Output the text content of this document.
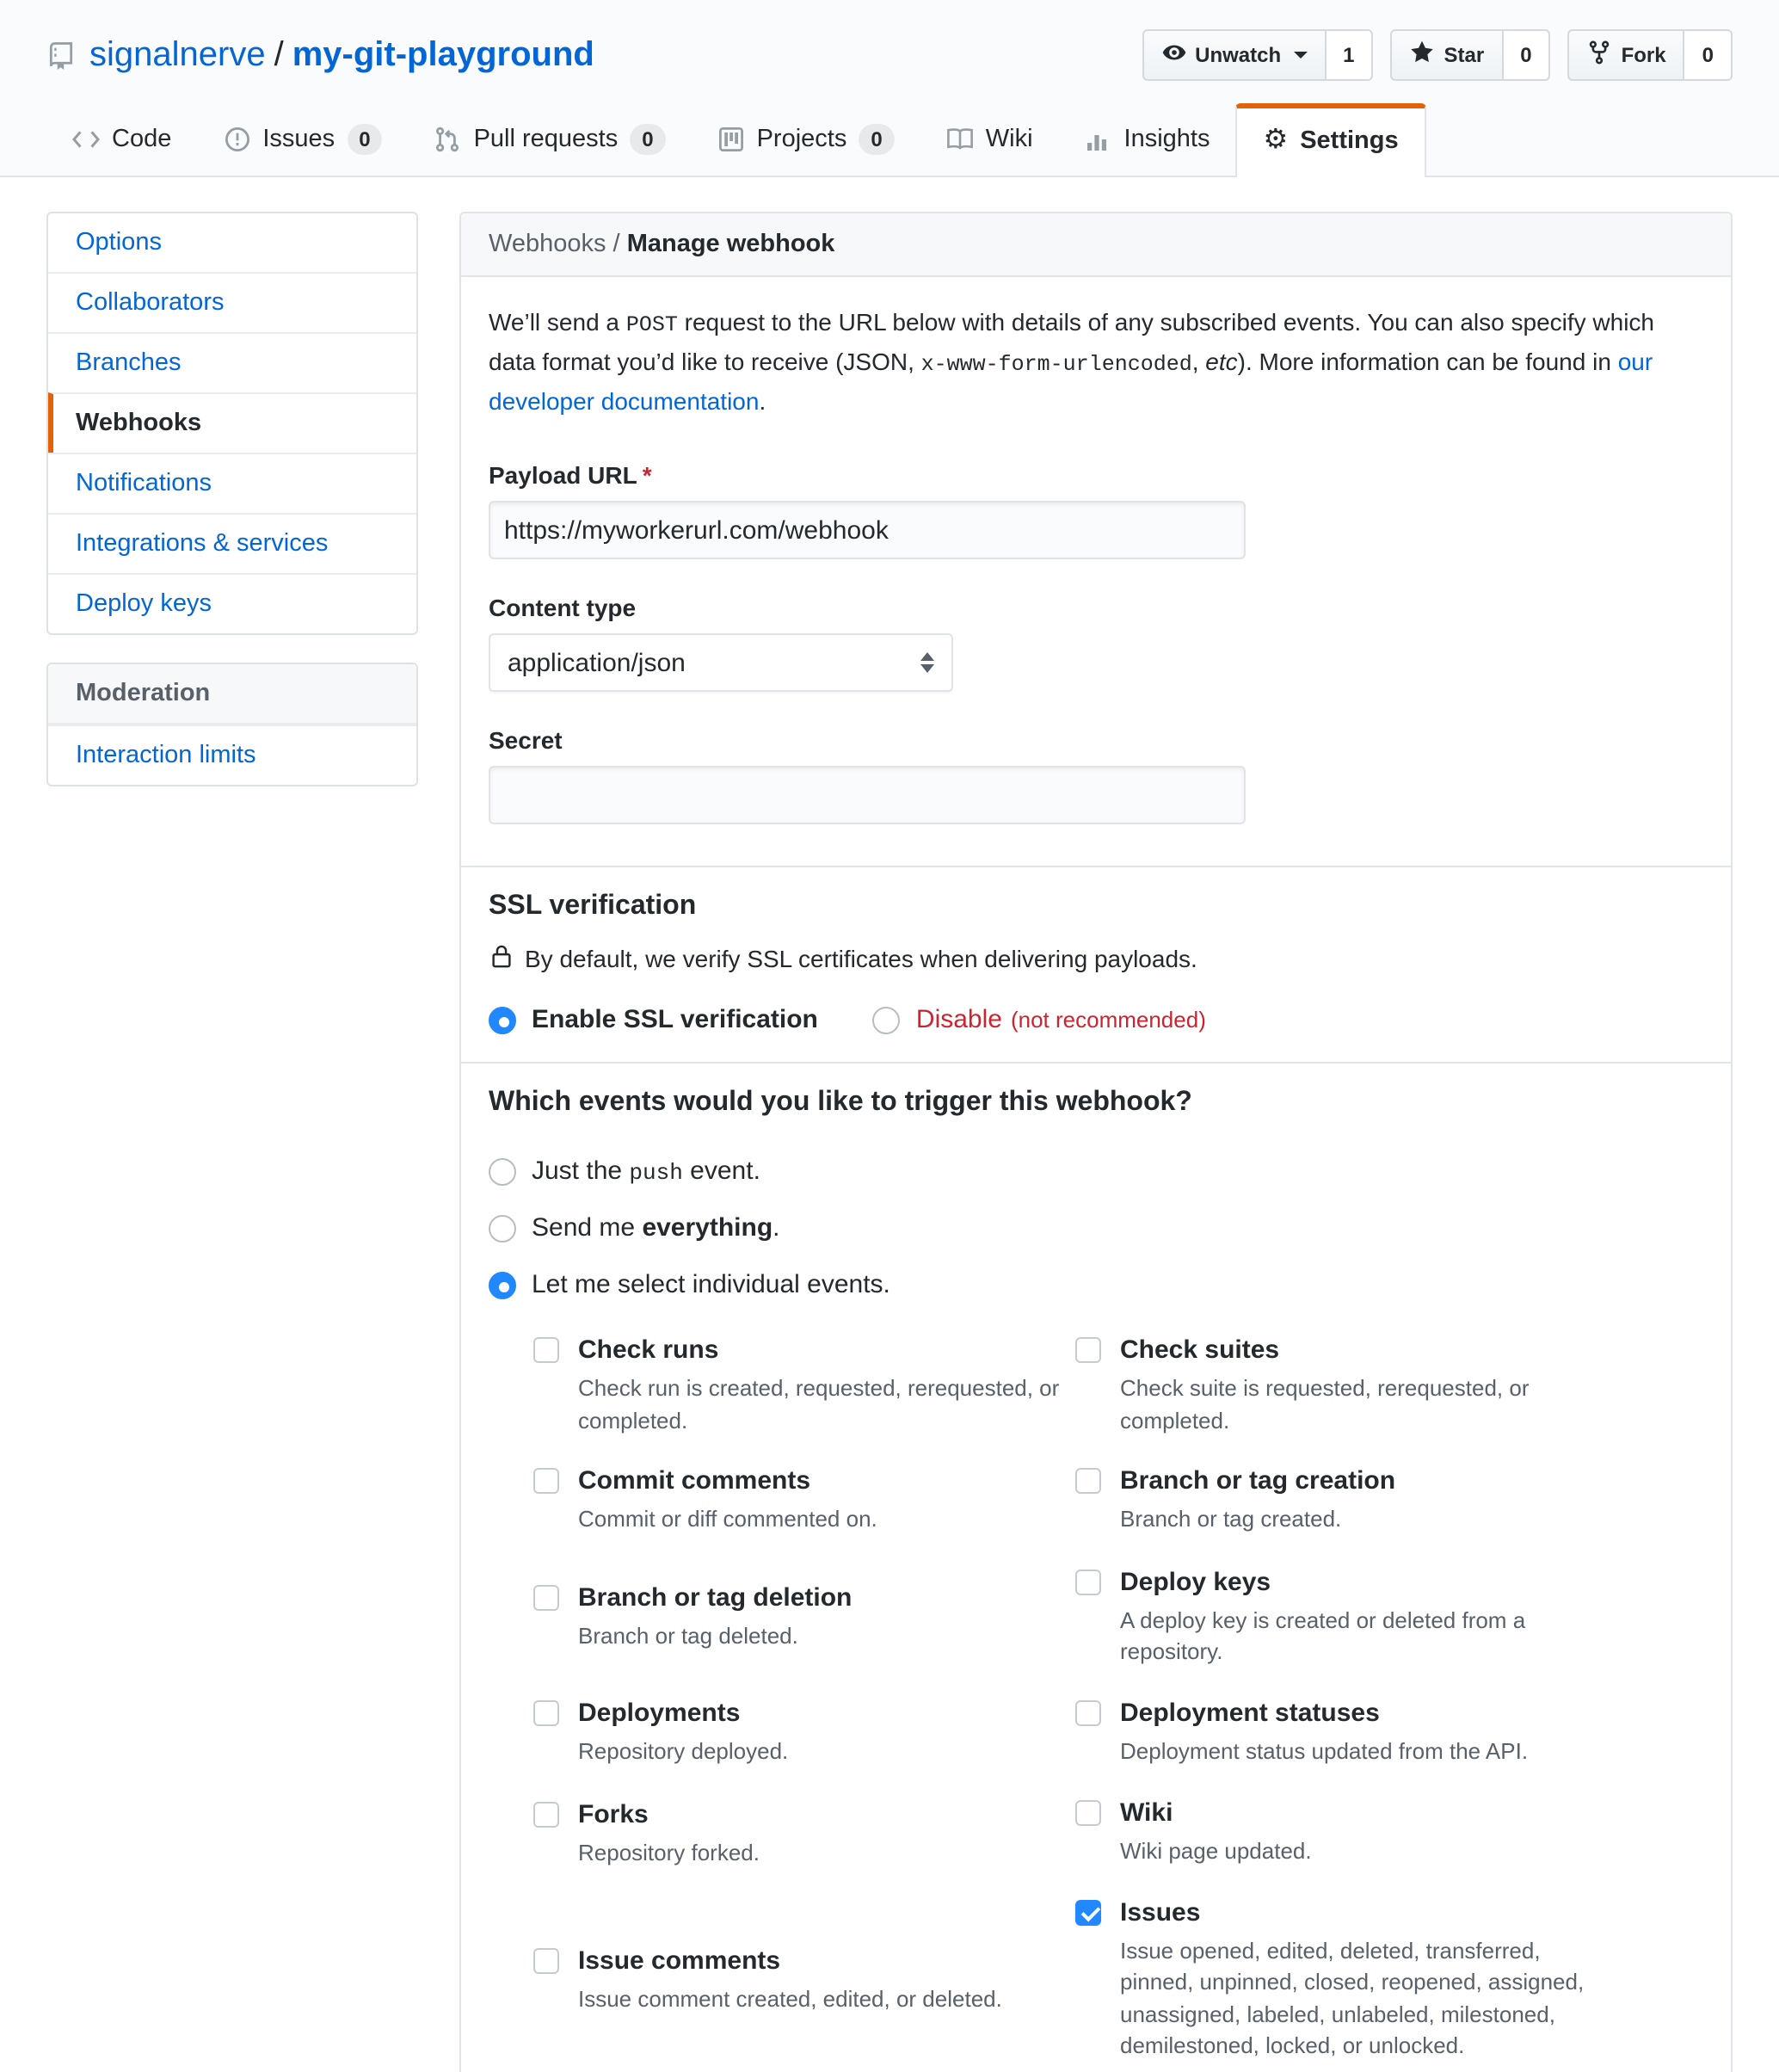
signalnerve / my-git-playground	Unwatch	1	Star	0	Fork	0
Code	Issues	0	Pull requests	0	Projects	0	Wiki	Insights	⚙ Settings
Options
Collaborators
Branches
Webhooks
Notifications
Integrations & services
Deploy keys
Moderation
Interaction limits
Webhooks / Manage webhook

We’ll send a POST request to the URL below with details of any subscribed events. You can also specify which data format you’d like to receive (JSON, x-www-form-urlencoded, etc). More information can be found in our developer documentation.

Payload URL *
https://myworkerurl.com/webhook
Content type
application/json
Secret
SSL verification
By default, we verify SSL certificates when delivering payloads.
Enable SSL verification	Disable (not recommended)
Which events would you like to trigger this webhook?
Just the push event.
Send me everything.
Let me select individual events.
Check runs
Check run is created, requested, rerequested, or completed.
Commit comments
Commit or diff commented on.
Branch or tag deletion
Branch or tag deleted.
Deployments
Repository deployed.
Forks
Repository forked.
Issue comments
Issue comment created, edited, or deleted.
Check suites
Check suite is requested, rerequested, or completed.
Branch or tag creation
Branch or tag created.
Deploy keys
A deploy key is created or deleted from a repository.
Deployment statuses
Deployment status updated from the API.
Wiki
Wiki page updated.
Issues
Issue opened, edited, deleted, transferred, pinned, unpinned, closed, reopened, assigned, unassigned, labeled, unlabeled, milestoned, demilestoned, locked, or unlocked.
